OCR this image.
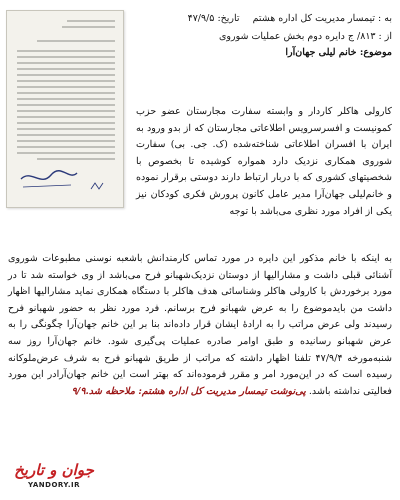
به : تیمسار مدیریت کل اداره هشتم تاریخ: ۴۷/۹/۵
از : ۸۱۳/ ج دایره دوم بخش عملیات شوروی
موضوع: خانم لیلی جهان‌آرا
کارولی هاکلر کاردار و وابسته سفارت مجارستان عضو حزب کمونیست و افسرسرویس اطلاعاتی مجارستان که از بدو ورود به ایران با افسران اطلاعاتی شناخته‌شده (ک. جی. بی) سفارت شوروی همکاری نزدیک دارد همواره کوشیده تا بخصوص با شخصیتهای کشوری که با دربار ارتباط دارند دوستی برقرار نموده و خانم‌لیلی جهان‌آرا مدیر عامل کانون پرورش فکری کودکان نیز یکی از افراد مورد نظری می‌باشد با توجه
به اینکه با خانم مذکور این دایره در مورد تماس کارمندانش باشعبه نوسنی مطبوعات شوروی آشنائی قبلی داشت و مشارالیها از دوستان نزدیک‌شهبانو فرح می‌باشد از وی خواسته شد تا در مورد برخوردش با کارولی هاکلر وشناسائی هدف هاکلر با دستگاه همکاری نماید مشارالیها اظهار داشت من بایدموضوع را به عرض شهبانو فرح برسانم. فرد مورد نظر به حضور شهبانو فرح رسیدند ولی عرض مراتب را به ارادۀ ایشان قرار داده‌اند بنا بر این خانم جهان‌آرا چگونگی را به عرض شهبانو رسانیده و طبق اوامر صادره عملیات پی‌گیری شود. خانم جهان‌آرا روز سه شنبه‌مورخه ۴۷/۹/۴ تلفنا اظهار داشته که مراتب از طریق شهبانو فرح به شرف عرض‌ملوکانه رسیده است که در این‌مورد امر و مقرر فرموده‌اند که بهتر است این خانم جهان‌آرادر این مورد فعالیتی نداشته باشد. پی‌نوشت تیمسار مدیریت کل اداره هشتم: ملاحظه شد.۹/۹
جوان و تاریخ
YANDORY.IR
